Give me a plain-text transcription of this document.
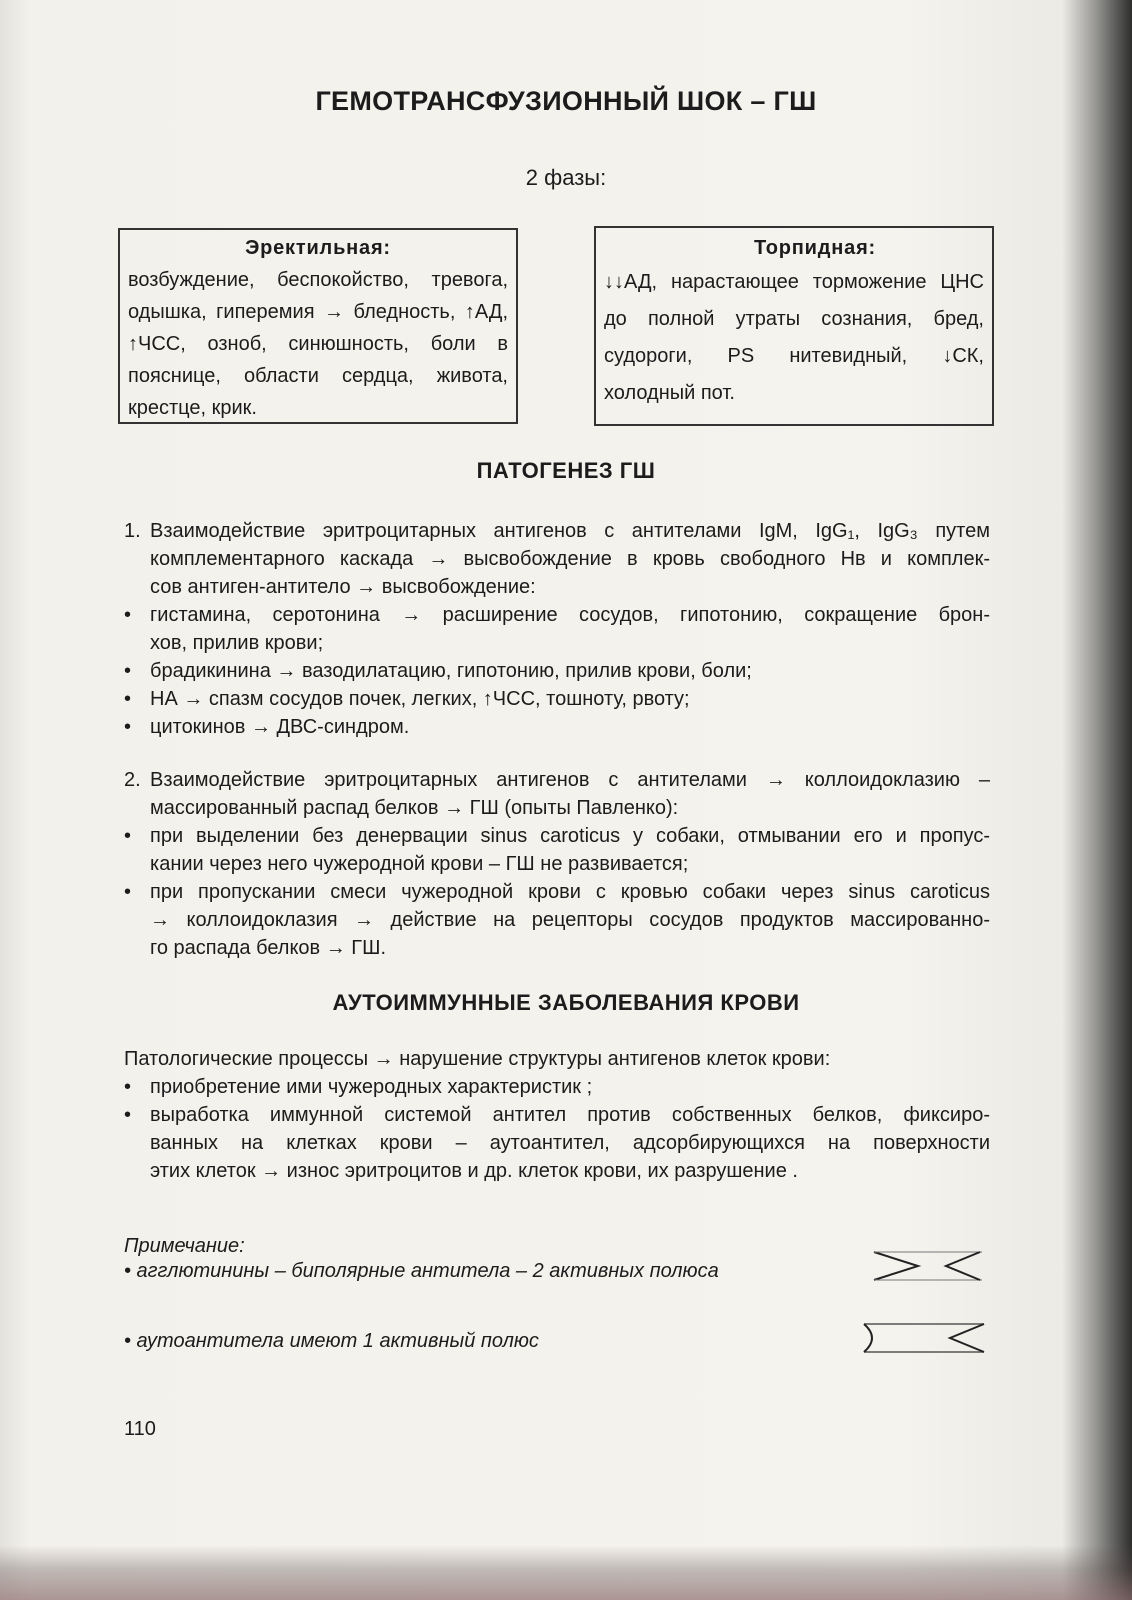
ГЕМОТРАНСФУЗИОННЫЙ ШОК – ГШ
2 фазы:
Эректильная:
возбуждение, беспокойство, тревога, одышка, гиперемия → бледность, ↑АД, ↑ЧСС, озноб, синюшность, боли в пояснице, области сердца, живота, крестце, крик.
Торпидная:
↓↓АД, нарастающее торможение ЦНС до полной утраты сознания, бред, судороги, PS нитевидный, ↓СК, холодный пот.
ПАТОГЕНЕЗ ГШ
1. Взаимодействие эритроцитарных антигенов с антителами IgM, IgG₁, IgG₃ путем
комплементарного каскада → высвобождение в кровь свободного Нв и комплек-
сов антиген-антитело → высвобождение:
• гистамина, серотонина → расширение сосудов, гипотонию, сокращение брон-
хов, прилив крови;
• брадикинина → вазодилатацию, гипотонию, прилив крови, боли;
• НА → спазм сосудов почек, легких, ↑ЧСС, тошноту, рвоту;
• цитокинов → ДВС-синдром.
2. Взаимодействие эритроцитарных антигенов с антителами → коллоидоклазию –
массированный распад белков → ГШ (опыты Павленко):
• при выделении без денервации sinus caroticus у собаки, отмывании его и пропус-
кании через него чужеродной крови – ГШ не развивается;
• при пропускании смеси чужеродной крови с кровью собаки через sinus caroticus
→ коллоидоклазия → действие на рецепторы сосудов продуктов массированно-
го распада белков → ГШ.
АУТОИММУННЫЕ ЗАБОЛЕВАНИЯ КРОВИ
Патологические процессы → нарушение структуры антигенов клеток крови:
• приобретение ими чужеродных характеристик ;
• выработка иммунной системой антител против собственных белков, фиксиро-
ванных на клетках крови – аутоантител, адсорбирующихся на поверхности
этих клеток → износ эритроцитов и др. клеток крови, их разрушение .
Примечание:
• агглютинины – биполярные антитела – 2 активных полюса
• аутоантитела имеют 1 активный полюс
110
